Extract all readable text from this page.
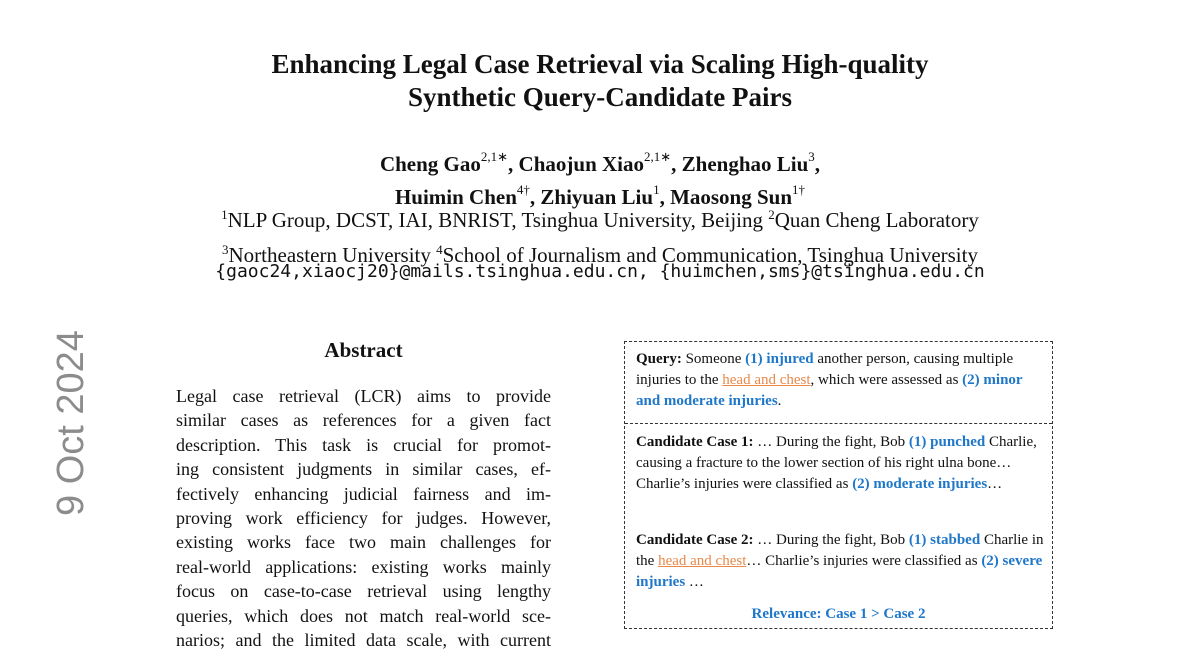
Enhancing Legal Case Retrieval via Scaling High-quality
Synthetic Query-Candidate Pairs
Cheng Gao$^{2,1∗}$, Chaojun Xiao$^{2,1∗}$, Zhenghao Liu$^3$,
Huimin Chen$^{4\dagger}$, Zhiyuan Liu$^1$, Maosong Sun$^{1\dagger}$
$^1$NLP Group, DCST, IAI, BNRIST, Tsinghua University, Beijing $^2$Quan Cheng Laboratory
$^3$Northeastern University $^4$School of Journalism and Communication, Tsinghua University
{gaoc24,xiaocj20}@mails.tsinghua.edu.cn, {huimchen,sms}@tsinghua.edu.cn
9 Oct 2024	Abstract
Legal case retrieval (LCR) aims to provide
similar cases as references for a given fact
description. This task is crucial for promot-
ing consistent judgments in similar cases, ef-
fectively enhancing judicial fairness and im-
proving work efficiency for judges. However,
existing works face two main challenges for
real-world applications: existing works mainly
focus on case-to-case retrieval using lengthy
queries, which does not match real-world sce-
narios; and the limited data scale, with current
Query: Someone (1) injured another person, causing multiple injuries to the head and chest, which were assessed as (2) minor and moderate injuries.
Candidate Case 1: … During the fight, Bob (1) punched Charlie, causing a fracture to the lower section of his right ulna bone… Charlie’s injuries were classified as (2) moderate injuries…
Candidate Case 2: … During the fight, Bob (1) stabbed Charlie in the head and chest… Charlie’s injuries were classified as (2) severe injuries …
Relevance: Case 1 > Case 2
